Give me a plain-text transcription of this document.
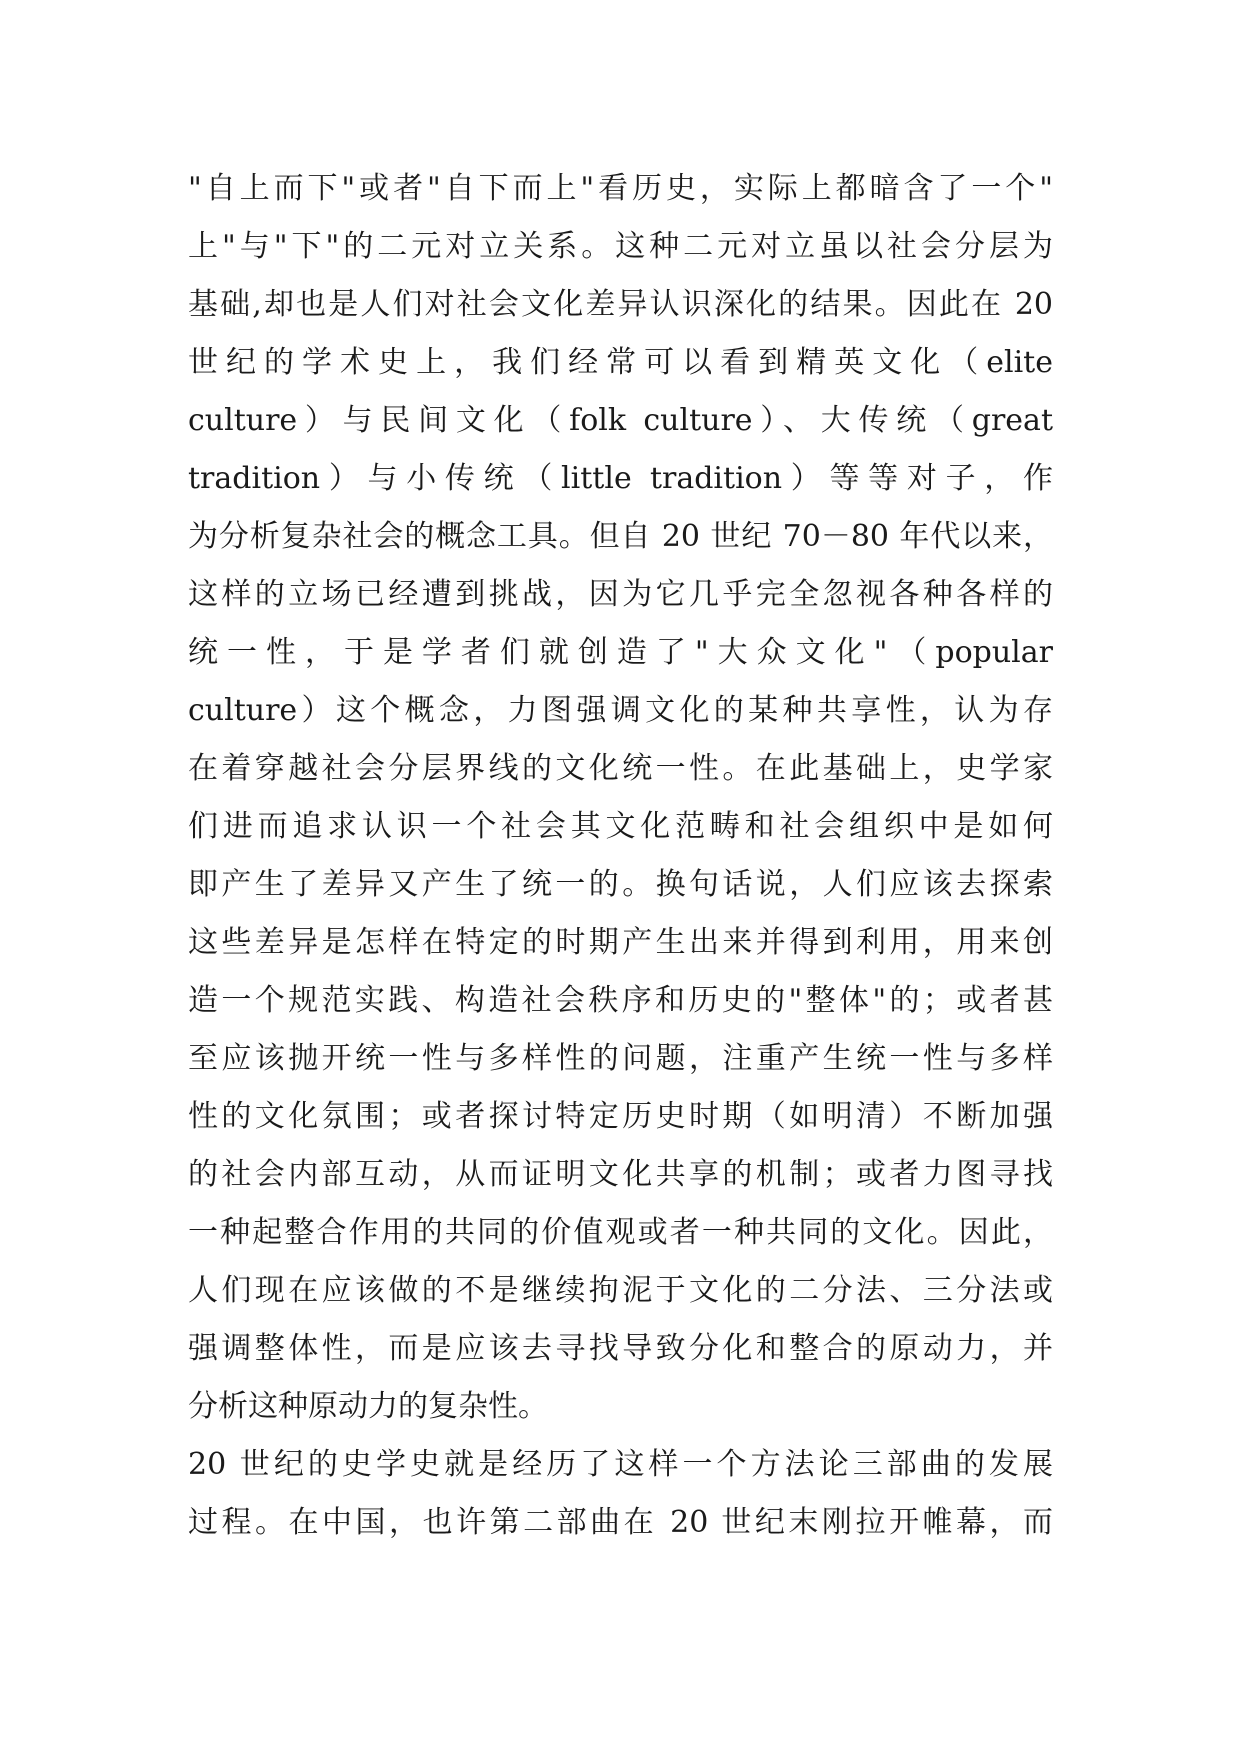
"自上而下"或者"自下而上"看历史，实际上都暗含了一个"
上"与"下"的二元对立关系。这种二元对立虽以社会分层为
基础,却也是人们对社会文化差异认识深化的结果。因此在 20
世纪的学术史上，我们经常可以看到精英文化（elite
culture）与民间文化（folk culture）、大传统（great
tradition）与小传统（little tradition）等等对子，作
为分析复杂社会的概念工具。但自 20 世纪 70－80 年代以来，
这样的立场已经遭到挑战，因为它几乎完全忽视各种各样的
统一性，于是学者们就创造了"大众文化"（popular
culture）这个概念，力图强调文化的某种共享性，认为存
在着穿越社会分层界线的文化统一性。在此基础上，史学家
们进而追求认识一个社会其文化范畴和社会组织中是如何
即产生了差异又产生了统一的。换句话说，人们应该去探索
这些差异是怎样在特定的时期产生出来并得到利用，用来创
造一个规范实践、构造社会秩序和历史的"整体"的；或者甚
至应该抛开统一性与多样性的问题，注重产生统一性与多样
性的文化氛围；或者探讨特定历史时期（如明清）不断加强
的社会内部互动，从而证明文化共享的机制；或者力图寻找
一种起整合作用的共同的价值观或者一种共同的文化。因此，
人们现在应该做的不是继续拘泥于文化的二分法、三分法或
强调整体性，而是应该去寻找导致分化和整合的原动力，并
分析这种原动力的复杂性。
20 世纪的史学史就是经历了这样一个方法论三部曲的发展
过程。在中国，也许第二部曲在 20 世纪末刚拉开帷幕，而
